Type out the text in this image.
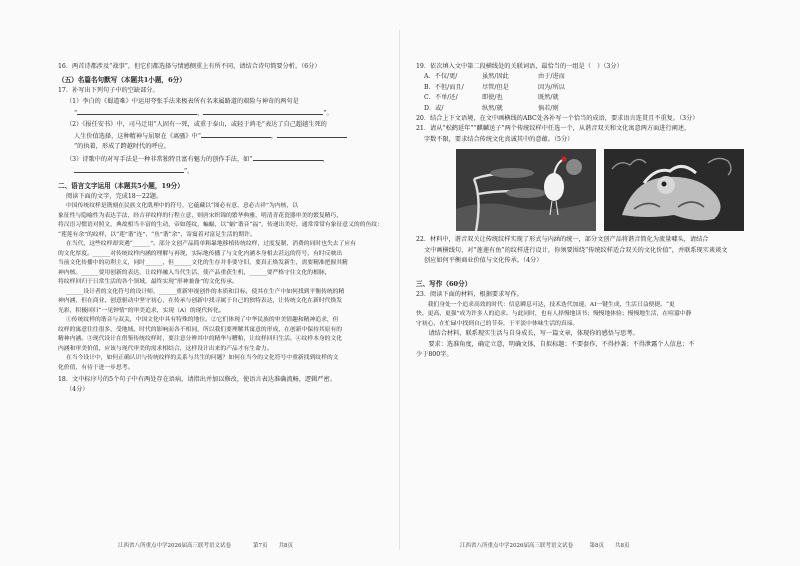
16．两首诗都涉及“战事”，但它们都选择与情感侧重上有所不同，请结合诗句简要分析。（6分）

（五）名篇名句默写（本题共1小题，6分）

17．补写出下列句子中的空缺部分。

（1）李白的《蜀道难》中运用夸张手法来极表所有名来属路道的艰险与神奇的两句是

“	，	”。

（2）《报任安书》中，司马迁用“人固有一死，或重于泰山，或轻于鸿毛”表达了自己超越生死的

人生价值选择，这种精神与屈原在《离骚》中“	，

”的执着，形成了跨越时代的呼应。

（3）诗歌中的对写手法是一种非常独特且富有魅力的创作手法，如“	，

”。

二、语言文字运用（本题共5小题，19分）

阅读下面的文字，完成18～22题。

中国传统纹样是镌刻在民族文化肌理中的符号，它蕴藏以“图必有意，意必吉祥”为内核，以

象征性与隐喻性为表达手法，经吉祥纹样的行程立意，则唐宋织锦的繁华典雅，明清青花瓷器审美的繁复精巧，

将汉语习惯语对照文，典故相当丰富的生动，帝如莲纹，蝙蝠，以“蝠”谐音“福”，传递出美好，通常常常有象征意义的的鱼纹：

“莲莲有余”的纹样，以“莲”谐“连”、“鱼”谐“余”，寄寓着对富足生活的期许。

在当代，这些纹样却突遇“______”。部分文创产品简单粗暴地移植传统纹样，过度复制，消费的同时也失去了应有

的文化厚度。______对传统纹样内涵的理解与再现，实际地传播了与文化内涵本身相去甚远的符号，有时反映出

当前文化传播中的功利主义，同时______，但______文化的生存并非要守旧，要真正焕发新生，需要精准把握其精

神内核。______要用创新的表达，让纹样融入当代生活，使产品重获生机，______要严格守住文化的根脉，

将纹样回归于日常生活的各个领域，最终实现“形神兼备”的文化传承。

______设计者的文化符号的设计师，______重新审视创作的本质和目标，使其在生产中如何找到平衡传统的精

神内涵，但在商业、创意驱动中坚守初心，在传承与创新中找寻属于自己的独特表达，让传统文化在新时代焕发

光彩，积极回归“一见钟情”的审美追求，实现（A）的现代转化。

①传统纹样的谐音与双关，中国文化中具有特殊的地位。②它们体现了中华民族的审美情趣和精神追求，但

纹样的寓意往往很多，受地域、时代的影响而各不相同，所以我们要理解其寓意的形成，在创新中保持其原有的

精神内涵。③现代设计在借鉴传统纹样时，要注意分辨其中的精华与糟粕，让纹样回归生活。④纹样本身的文化

内涵和审美价值，应该与现代审美的需求相结合，这样设计出来的产品才有生命力。

在当今设计中，如何正确认识与传统纹样的关系与共生的问题？如何在当今的文化符号中重新找到纹样的文

化价值，有待于进一步思考。

18．文中标序号的5个句子中有两处存在语病，请指出并加以修改，使语言表达准确流畅，逻辑严密。

（4分）

江西省八所重点中学2026届高三联考语文试卷　　　　第7页　　共8页

19．依次填入文中第二段横线处的关联词语，最恰当的一组是（　）（3分）

A．不仅/更/	虽然/因此	由于/进而

B．不但/而且/	尽管/但是	因为/所以

C．不单/还/	即使/也	既然/就

D．或/	纵然/就	倘若/则

20．结合上下文语境，在文中画横线的ABC处各补写一个恰当的成语，要求语言连贯且不重复。（3分）

21．请从“松鹤延年”“麒麟送子”两个传统纹样中任选一个，从谐音双关和文化寓意两方面进行阐述，

字数不限，要求结合传统文化真诚其中的意蕴。（5分）

22．材料中，谐音双关让传统纹样实现了形式与内涵的统一，部分文创产品将谐音简化为流量噱头，请结合

文中画横线句，对“莲莲有鱼”的纹样进行设计，你须要围绕“传统纹样适合双关的文化价值”，并联系现实谈谈文

创应如何平衡商业价值与文化传承。（4分）

三、写作（60分）

23．阅读下面的材料，根据要求写作。

　　我们身处一个追求高效的时代：信息瞬息可达，技术迭代加速，AI一键生成，生活日益便捷。“更

快、更高、更强”成为许多人的追求。与此同时，也有人择慢地读书；慢慢地体验；慢慢地生活，在喧嚣中静

守初心，在忙碌中找到自己的节奏，于平淡中体味生活的真谛。

　　请结合材料，联系现实生活与自身成长，写一篇文章，体现你的感悟与思考。

　　要求：选准角度，确定立意，明确文体，自拟标题；不要套作，不得抄袭；不得泄露个人信息；不

少于800字。

江西省八所重点中学2026届高三联考语文试卷　　　第8页　　共8页
